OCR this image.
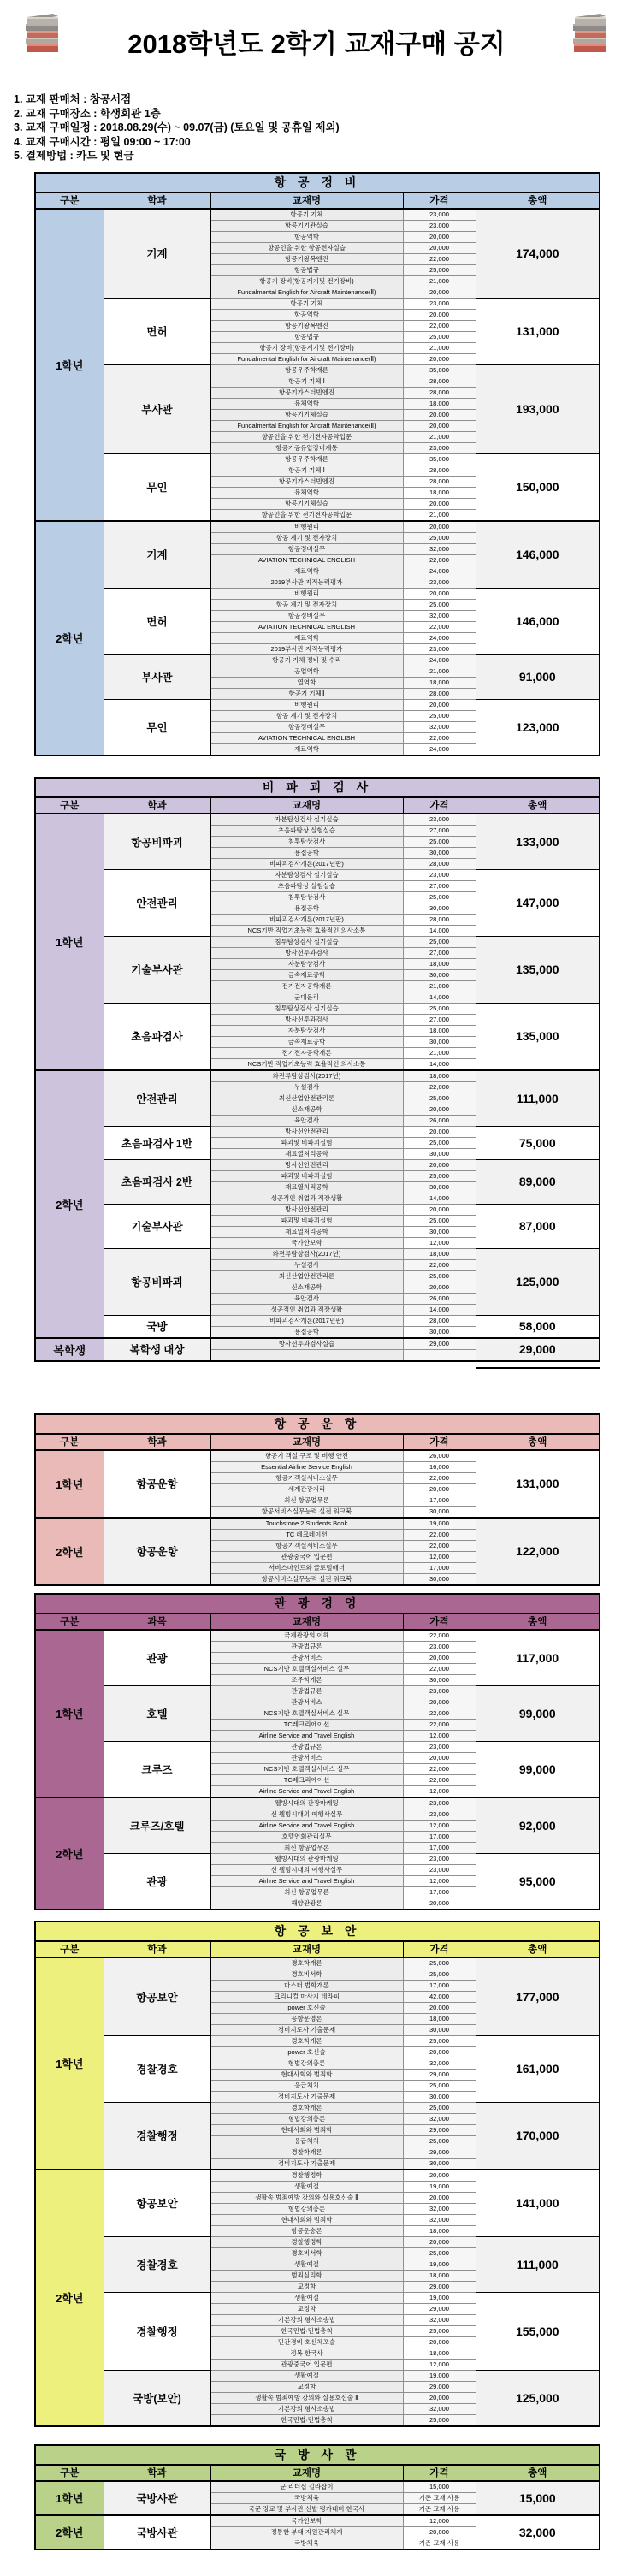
2018학년도 2학기 교재구매 공지
1. 교재 판매처 : 창공서점
2. 교재 구매장소 : 학생회관 1층
3. 교재 구매일정 : 2018.08.29(수) ~ 09.07(금) (토요일 및 공휴일 제외)
4. 교재 구매시간 : 평일 09:00 ~ 17:00
5. 결제방법 : 카드 및 현금
항 공 정 비				
구분	학과	교재명	가격	총액
1학년	기계	항공기 기체	23,000	174,000
		항공기기관실습	23,000	
		항공역학	20,000	
		항공인을 위한 항공전자실습	20,000	
		항공기왕복엔진	22,000	
		항공법규	25,000	
		항공기 장비(항공계기및 전기장비)	21,000	
		Fundalmental English for Aircraft Maintenance(Ⅱ)	20,000	
	면허	항공기 기체	23,000	131,000
		항공역학	20,000	
		항공기왕복엔진	22,000	
		항공법규	25,000	
		항공기 장비(항공계기및 전기장비)	21,000	
		Fundalmental English for Aircraft Maintenance(Ⅱ)	20,000	
	부사관	항공우주학개론	35,000	193,000
		항공기 기체 Ⅰ	28,000	
		항공기가스터빈엔진	28,000	
		유체역학	18,000	
		항공기기체실습	20,000	
		Fundalmental English for Aircraft Maintenance(Ⅱ)	20,000	
		항공인을 위한 전기전자공학입문	21,000	
		항공기공유압장비계통	23,000	
	무인	항공우주학개론	35,000	150,000
		항공기 기체 Ⅰ	28,000	
		항공기가스터빈엔진	28,000	
		유체역학	18,000	
		항공기기체실습	20,000	
		항공인을 위한 전기전자공학입문	21,000	
2학년	기계	비행원리	20,000	146,000
		항공 계기 및 전자장치	25,000	
		항공정비실무	32,000	
		AVIATION TECHNICAL ENGLISH	22,000	
		재료역학	24,000	
		2019부사관 지적능력평가	23,000	
	면허	비행원리	20,000	146,000
		항공 계기 및 전자장치	25,000	
		항공정비실무	32,000	
		AVIATION TECHNICAL ENGLISH	22,000	
		재료역학	24,000	
		2019부사관 지적능력평가	23,000	
	부사관	항공기 기체 정비 및 수리	24,000	91,000
		공업역학	21,000	
		열역학	18,000	
		항공기 기체Ⅱ	28,000	
	무인	비행원리	20,000	123,000
		항공 계기 및 전자장치	25,000	
		항공정비실무	32,000	
		AVIATION TECHNICAL ENGLISH	22,000	
		재료역학	24,000	
비 파 괴 검 사				
구분	학과	교재명	가격	총액
1학년	항공비파괴	자분탐상검사 실기실습	23,000	133,000
		초음파탐상 실험실습	27,000	
		침투탐상검사	25,000	
		용접공학	30,000	
		비파괴검사개론(2017년판)	28,000	
	안전관리	자분탐상검사 실기실습	23,000	147,000
		초음파탐상 실험실습	27,000	
		침투탐상검사	25,000	
		용접공학	30,000	
		비파괴검사개론(2017년판)	28,000	
		NCS기반 직업기초능력 효율적인 의사소통	14,000	
	기술부사관	침투탐상검사 실기실습	25,000	135,000
		방사선투과검사	27,000	
		자분탐상검사	18,000	
		금속재료공학	30,000	
		전기전자공학개론	21,000	
		군대윤리	14,000	
	초음파검사	침투탐상검사 실기실습	25,000	135,000
		방사선투과검사	27,000	
		자분탐상검사	18,000	
		금속재료공학	30,000	
		전기전자공학개론	21,000	
		NCS기반 직업기초능력 효율적인 의사소통	14,000	
2학년	안전관리	와전류탐상검사(2017년)	18,000	111,000
		누설검사	22,000	
		최신산업안전관리론	25,000	
		신소재공학	20,000	
		육안검사	26,000	
	초음파검사 1반	방사선안전관리	20,000	75,000
		파괴및 비파괴실험	25,000	
		재료열처리공학	30,000	
	초음파검사 2반	방사선안전관리	20,000	89,000
		파괴및 비파괴실험	25,000	
		재료열처리공학	30,000	
		성공적인 취업과 직장생활	14,000	
	기술부사관	방사선안전관리	20,000	87,000
		파괴및 비파괴실험	25,000	
		재료열처리공학	30,000	
		국가안보학	12,000	
	항공비파괴	와전류탐상검사(2017년)	18,000	125,000
		누설검사	22,000	
		최신산업안전관리론	25,000	
		신소재공학	20,000	
		육안검사	26,000	
		성공적인 취업과 직장생활	14,000	
	국방	비파괴검사개론(2017년판)	28,000	58,000
		용접공학	30,000	
복학생	복학생 대상	방사선투과검사실습	29,000	29,000

항 공 운 항				
구분	학과	교재명	가격	총액
1학년	항공운항	항공기 객실 구조 및 비행 안전	26,000	131,000
		Essential Airline Service English	16,000	
		항공기객실서비스실무	22,000	
		세계관광지리	20,000	
		최신 항공업무론	17,000	
		항공서비스실무능력 실전 워크북	30,000	
2학년	항공운항	Touchstone 2 Students Book	19,000	122,000
		TC 레크레이션	22,000	
		항공기객실서비스실무	22,000	
		관광중국어 입문편	12,000	
		서비스마인드와 글로벌매너	17,000	
		항공서비스실무능력 실전 워크북	30,000	
관 광 경 영				
구분	과목	교재명	가격	총액
1학년	관광	국제관광의 이해	22,000	117,000
		관광법규론	23,000	
		관광서비스	20,000	
		NCS기반 호텔객실서비스 실무	22,000	
		조주학개론	30,000	
	호텔	관광법규론	23,000	99,000
		관광서비스	20,000	
		NCS기반 호텔객실서비스 실무	22,000	
		TC레크리에이션	22,000	
		Airline Service and Travel English	12,000	
	크루즈	관광법규론	23,000	99,000
		관광서비스	20,000	
		NCS기반 호텔객실서비스 실무	22,000	
		TC레크리에이션	22,000	
		Airline Service and Travel English	12,000	
2학년	크루즈/호텔	웰빙시대의 관광마케팅	23,000	92,000
		신 웰빙시대의 여행사실무	23,000	
		Airline Service and Travel English	12,000	
		호텔연회관리실무	17,000	
		최신 항공업무론	17,000	
	관광	웰빙시대의 관광마케팅	23,000	95,000
		신 웰빙시대의 여행사실무	23,000	
		Airline Service and Travel English	12,000	
		최신 항공업무론	17,000	
		해양관광론	20,000	
항 공 보 안				
구분	학과	교재명	가격	총액
1학년	항공보안	경호학개론	25,000	177,000
		경호비서학	25,000	
		마스터 법학개론	17,000	
		크리니컬 마사지 테라피	42,000	
		power 호신술	20,000	
		공항운영론	18,000	
		경비지도사 기출문제	30,000	
	경찰경호	경호학개론	25,000	161,000
		power 호신술	20,000	
		형법강의총론	32,000	
		현대사회와 범죄학	29,000	
		응급처치	25,000	
		경비지도사 기출문제	30,000	
	경찰행정	경호학개론	25,000	170,000
		형법강의총론	32,000	
		현대사회와 범죄학	29,000	
		응급처치	25,000	
		경찰학개론	29,000	
		경비지도사 기출문제	30,000	
2학년	항공보안	경찰행정학	20,000	141,000
		생활예절	19,000	
		생활속 범죄예방 강의와 실용호신술 Ⅱ	20,000	
		형법강의총론	32,000	
		현대사회와 범죄학	32,000	
		항공운송론	18,000	
	경찰경호	경찰행정학	20,000	111,000
		경호비서학	25,000	
		생활예절	19,000	
		범죄심리학	18,000	
		교정학	29,000	
	경찰행정	생활예절	19,000	155,000
		교정학	29,000	
		기본강의 형사소송법	32,000	
		한국민법·민법총칙	25,000	
		민간경비 호신체포술	20,000	
		정복 한국사	18,000	
		관광중국어 입문편	12,000	
	국방(보안)	생활예절	19,000	125,000
		교정학	29,000	
		생활속 범죄예방 강의와 실용호신술 Ⅱ	20,000	
		기본강의 형사소송법	32,000	
		한국민법·민법총칙	25,000	
국 방 사 관				
구분	학과	교재명	가격	총액
1학년	국방사관	군 리더십 길라잡이	15,000	15,000
		국방체육	기존 교재 사용	
		국군 장교 및 부사관 선발 평가대비 한국사	기존 교재 사용	
2학년	국방사관	국가안보학	12,000	32,000
		정통한 부대 자원관리체계	20,000	
		국방체육	기존 교재 사용	
